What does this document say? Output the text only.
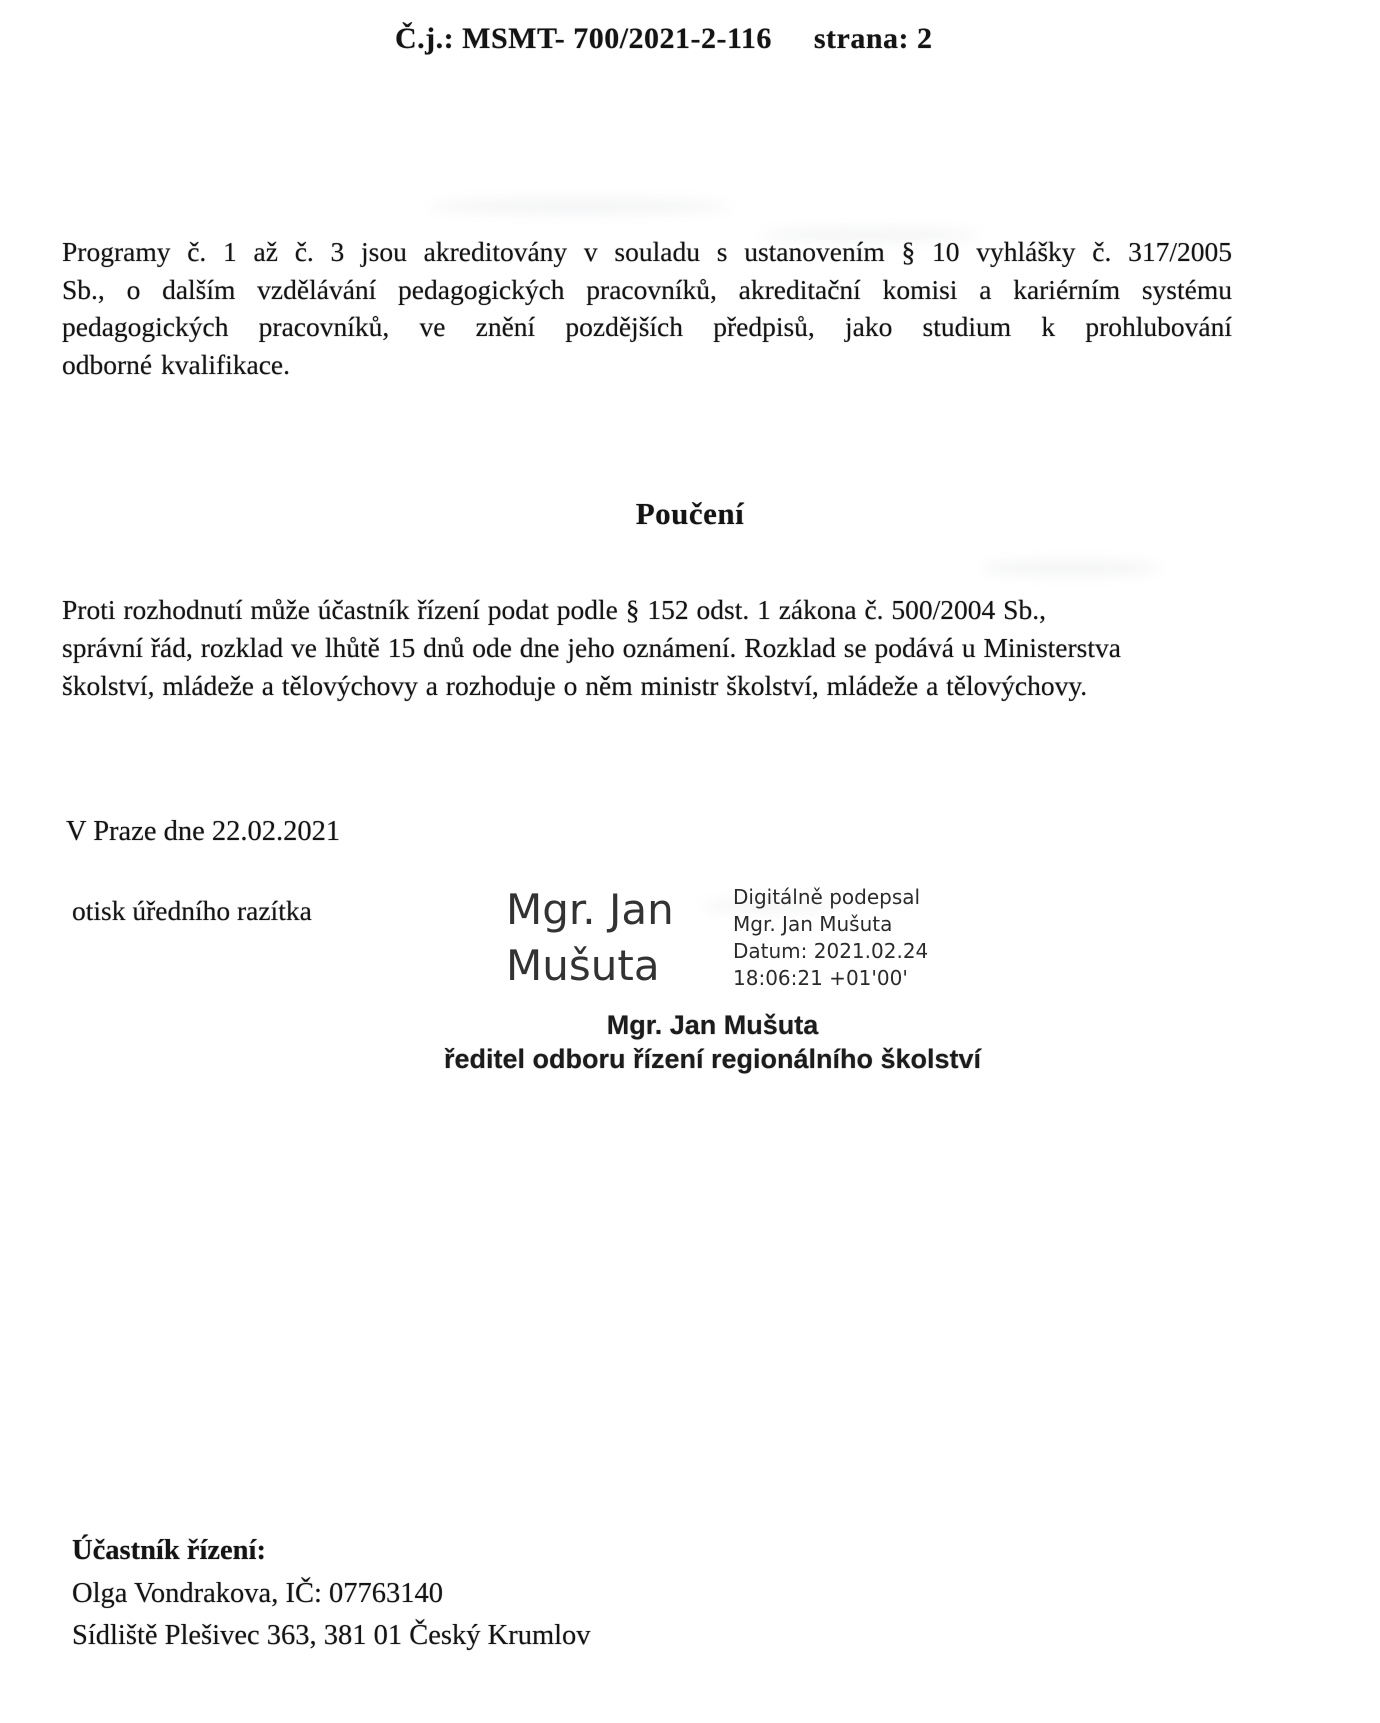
Č.j.: MSMT- 700/2021-2-116 strana: 2
Programy č. 1 až č. 3 jsou akreditovány v souladu s ustanovením § 10 vyhlášky č. 317/2005
Sb., o dalším vzdělávání pedagogických pracovníků, akreditační komisi a kariérním systému
pedagogických pracovníků, ve znění pozdějších předpisů, jako studium k prohlubování
odborné kvalifikace.
Poučení
Proti rozhodnutí může účastník řízení podat podle § 152 odst. 1 zákona č. 500/2004 Sb.,
správní řád, rozklad ve lhůtě 15 dnů ode dne jeho oznámení. Rozklad se podává u Ministerstva
školství, mládeže a tělovýchovy a rozhoduje o něm ministr školství, mládeže a tělovýchovy.
V Praze dne 22.02.2021
otisk úředního razítka	Mgr. Jan
Mušuta
Digitálně podepsal
Mgr. Jan Mušuta
Datum: 2021.02.24
18:06:21 +01'00'
Mgr. Jan Mušuta
ředitel odboru řízení regionálního školství
Účastník řízení:
Olga Vondrakova, IČ: 07763140
Sídliště Plešivec 363, 381 01 Český Krumlov
